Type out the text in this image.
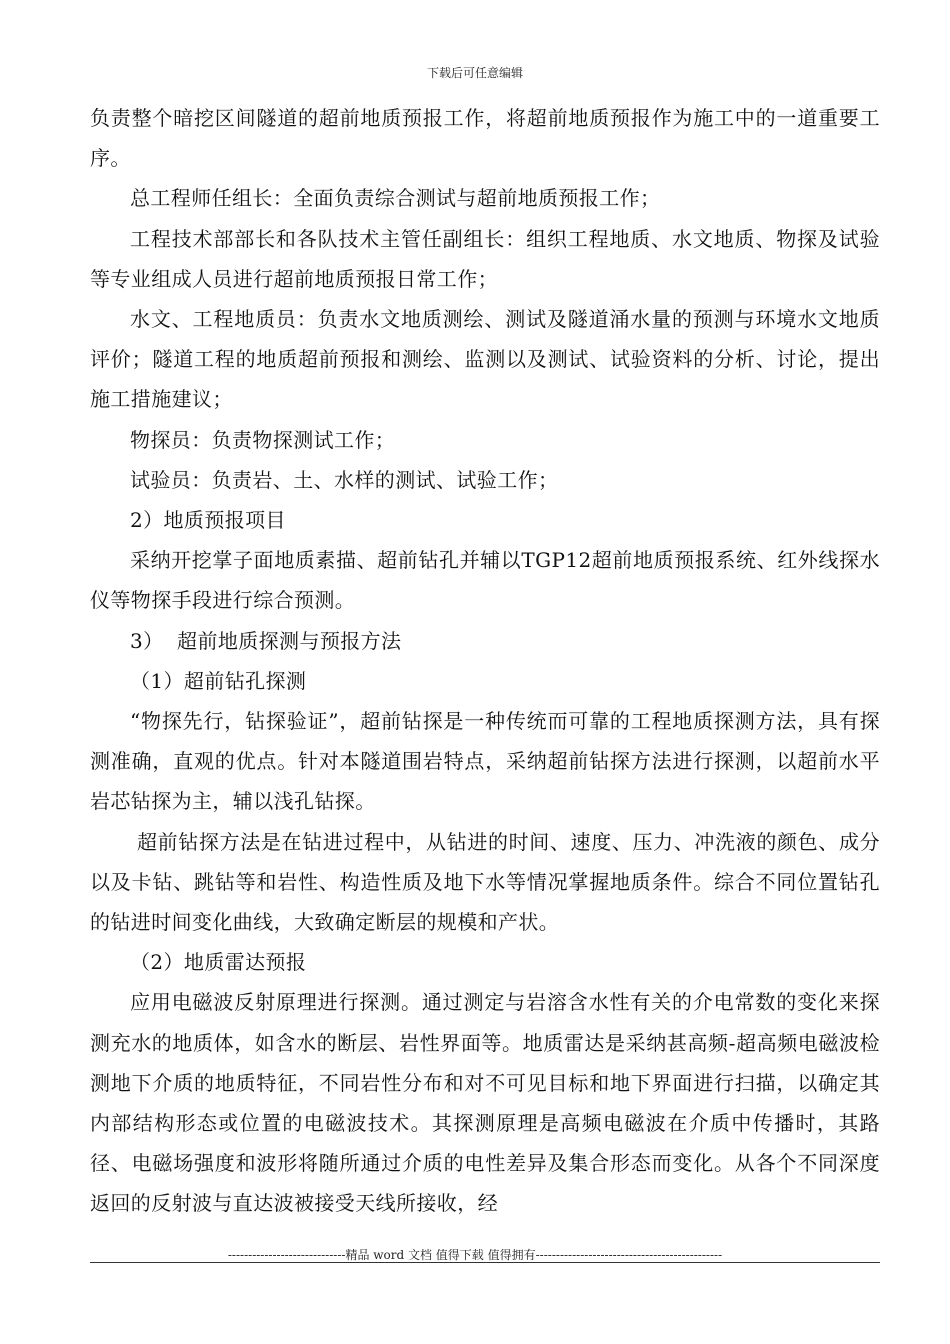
下载后可任意编辑

负责整个暗挖区间隧道的超前地质预报工作，将超前地质预报作为施工中的一道重要工序。

总工程师任组长：全面负责综合测试与超前地质预报工作；

工程技术部部长和各队技术主管任副组长：组织工程地质、水文地质、物探及试验等专业组成人员进行超前地质预报日常工作；

水文、工程地质员：负责水文地质测绘、测试及隧道涌水量的预测与环境水文地质评价；隧道工程的地质超前预报和测绘、监测以及测试、试验资料的分析、讨论，提出施工措施建议；

物探员：负责物探测试工作；

试验员：负责岩、土、水样的测试、试验工作；

2）地质预报项目

采纳开挖掌子面地质素描、超前钻孔并辅以TGP12超前地质预报系统、红外线探水仪等物探手段进行综合预测。

3）  超前地质探测与预报方法

（1）超前钻孔探测

“物探先行，钻探验证”，超前钻探是一种传统而可靠的工程地质探测方法，具有探测准确，直观的优点。针对本隧道围岩特点，采纳超前钻探方法进行探测，以超前水平岩芯钻探为主，辅以浅孔钻探。

超前钻探方法是在钻进过程中，从钻进的时间、速度、压力、冲洗液的颜色、成分以及卡钻、跳钻等和岩性、构造性质及地下水等情况掌握地质条件。综合不同位置钻孔的钻进时间变化曲线，大致确定断层的规模和产状。

（2）地质雷达预报

应用电磁波反射原理进行探测。通过测定与岩溶含水性有关的介电常数的变化来探测充水的地质体，如含水的断层、岩性界面等。地质雷达是采纳甚高频-超高频电磁波检测地下介质的地质特征，不同岩性分布和对不可见目标和地下界面进行扫描，以确定其内部结构形态或位置的电磁波技术。其探测原理是高频电磁波在介质中传播时，其路径、电磁场强度和波形将随所通过介质的电性差异及集合形态而变化。从各个不同深度返回的反射波与直达波被接受天线所接收，经

-----------------------------精品 word 文档 值得下载 值得拥有----------------------------------------------
